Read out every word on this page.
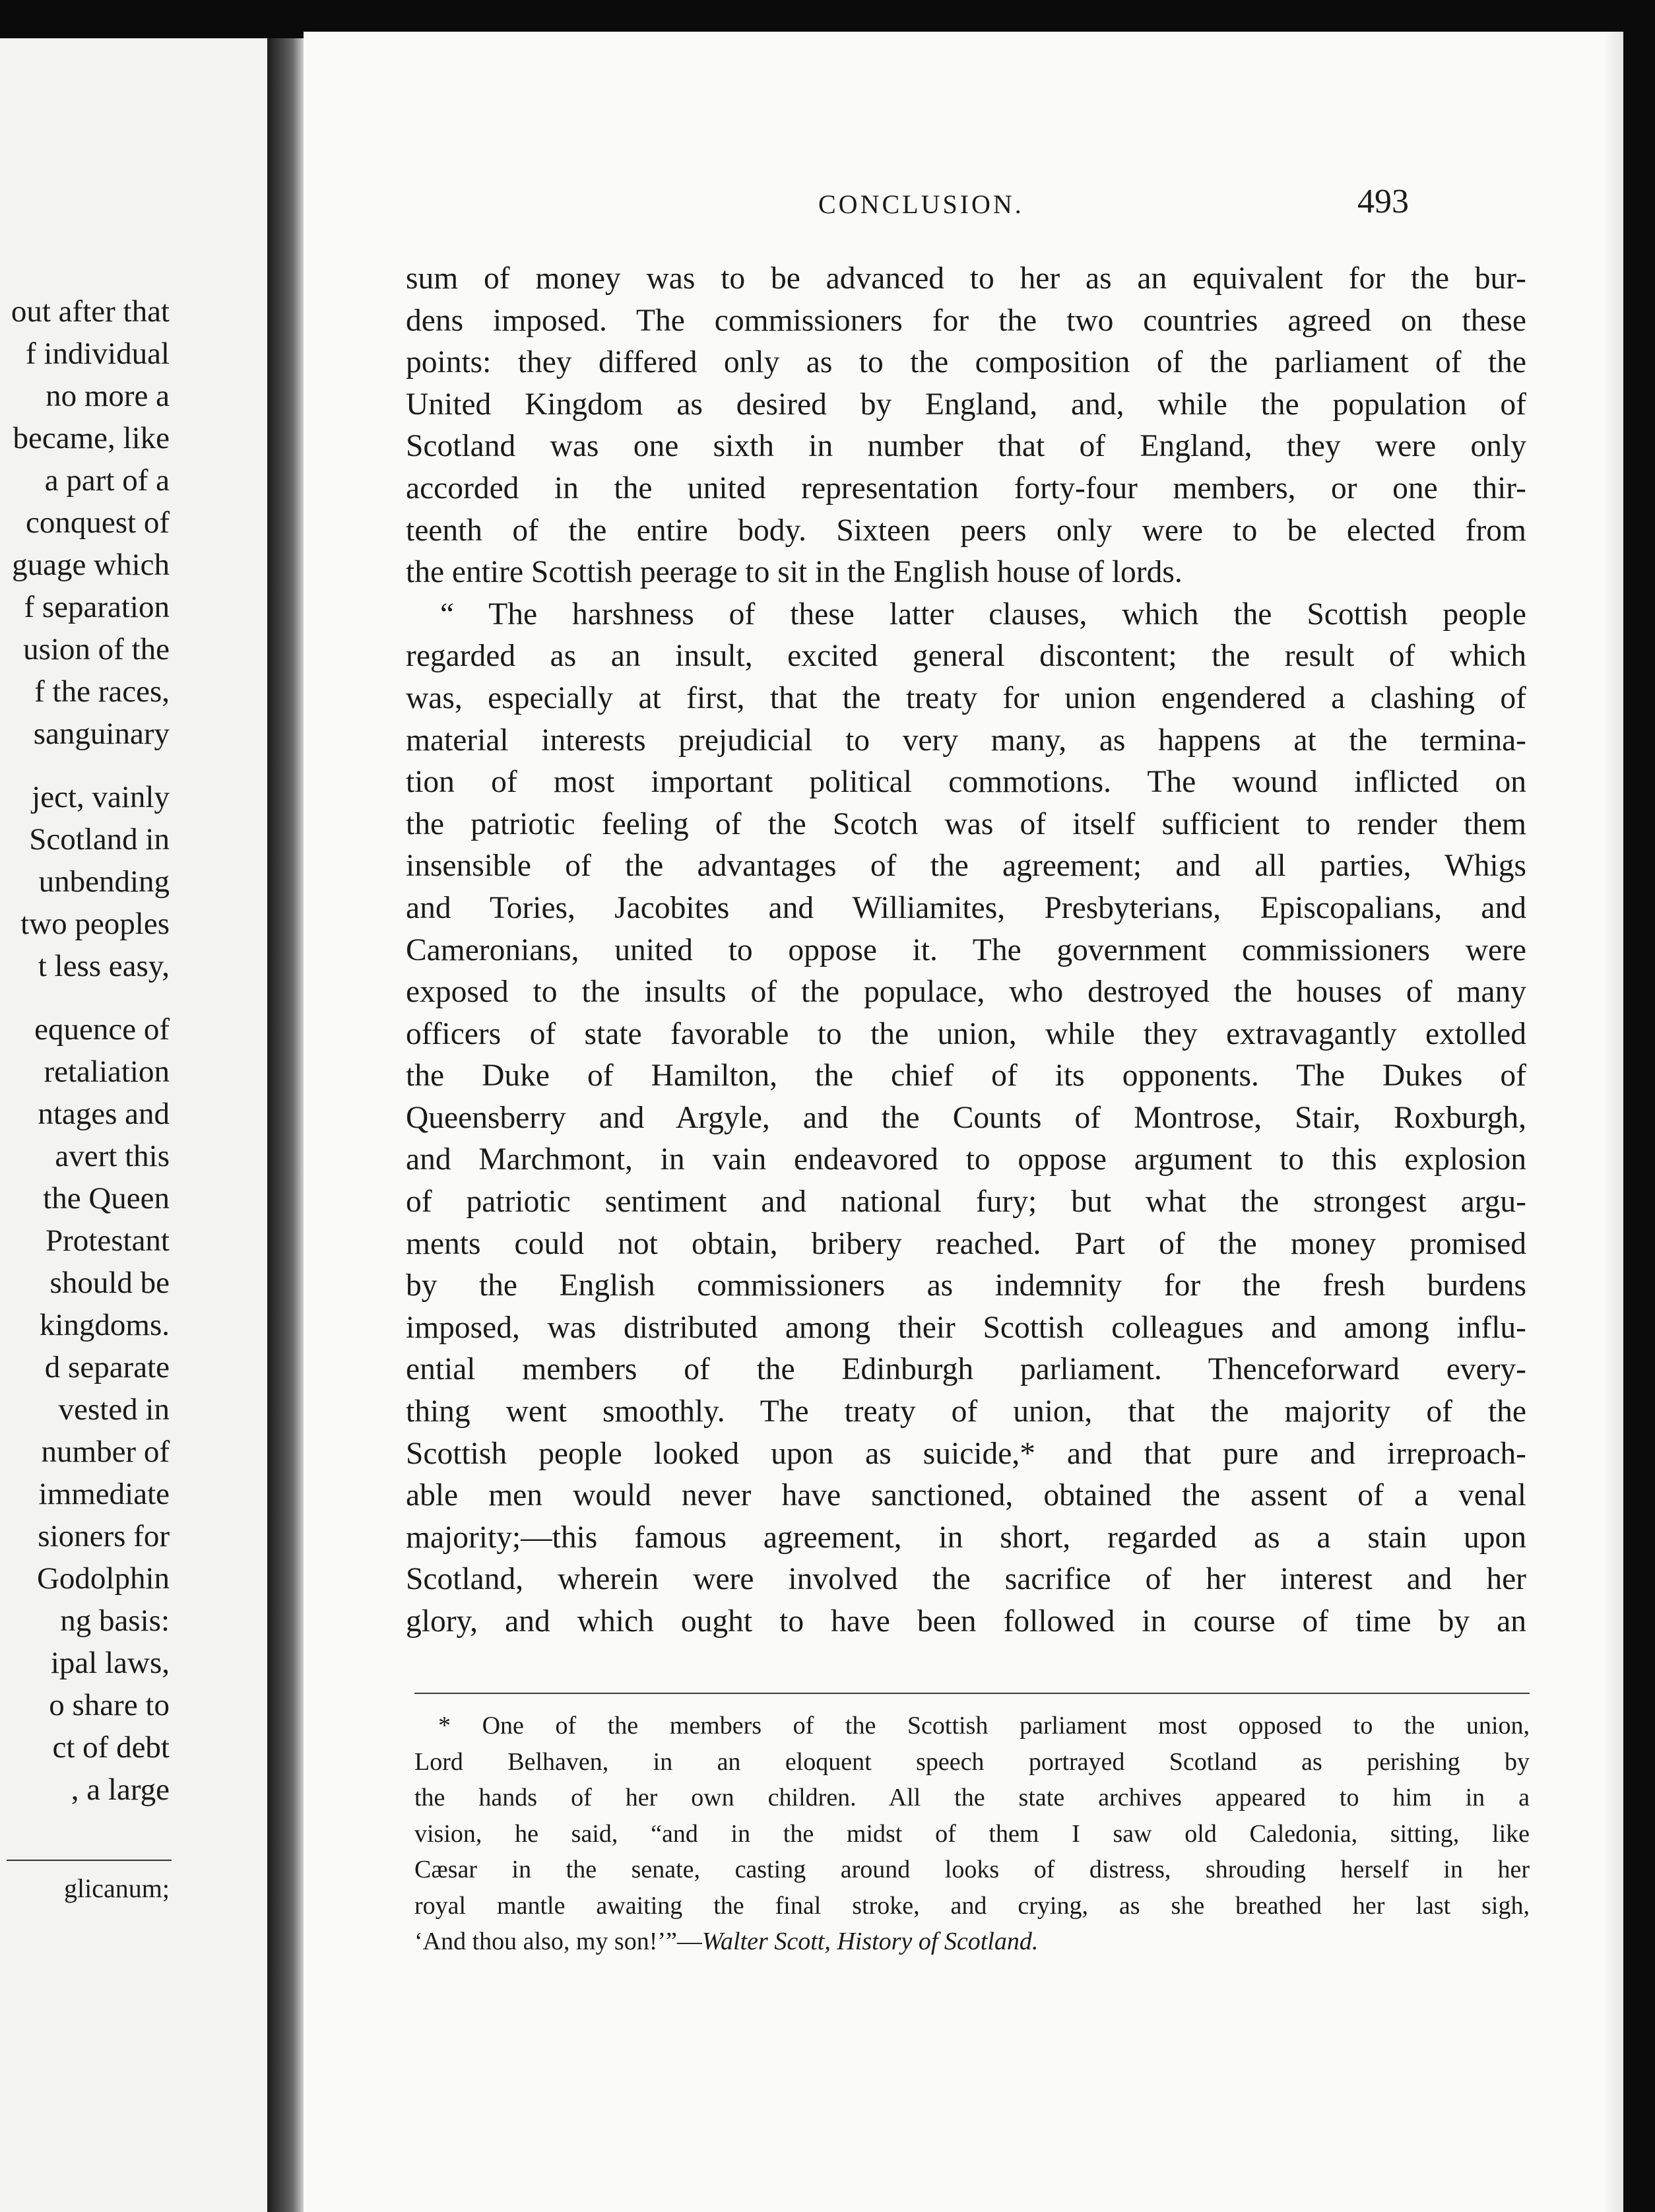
out after that
f individual
no more a
became, like
a part of a
conquest of
guage which
f separation
usion of the
f the races,
sanguinary
ject, vainly
Scotland in
unbending
two peoples
t less easy,
equence of
retaliation
ntages and
avert this
the Queen
Protestant
should be
kingdoms.
d separate
vested in
number of
immediate
sioners for
Godolphin
ng basis:
ipal laws,
o share to
ct of debt
, a large
glicanum;
CONCLUSION.	493
sum of money was to be advanced to her as an equivalent for the bur-
dens imposed. The commissioners for the two countries agreed on these
points: they differed only as to the composition of the parliament of the
United Kingdom as desired by England, and, while the population of
Scotland was one sixth in number that of England, they were only
accorded in the united representation forty-four members, or one thir-
teenth of the entire body. Sixteen peers only were to be elected from
the entire Scottish peerage to sit in the English house of lords.
“ The harshness of these latter clauses, which the Scottish people
regarded as an insult, excited general discontent; the result of which
was, especially at first, that the treaty for union engendered a clashing of
material interests prejudicial to very many, as happens at the termina-
tion of most important political commotions. The wound inflicted on
the patriotic feeling of the Scotch was of itself sufficient to render them
insensible of the advantages of the agreement; and all parties, Whigs
and Tories, Jacobites and Williamites, Presbyterians, Episcopalians, and
Cameronians, united to oppose it. The government commissioners were
exposed to the insults of the populace, who destroyed the houses of many
officers of state favorable to the union, while they extravagantly extolled
the Duke of Hamilton, the chief of its opponents. The Dukes of
Queensberry and Argyle, and the Counts of Montrose, Stair, Roxburgh,
and Marchmont, in vain endeavored to oppose argument to this explosion
of patriotic sentiment and national fury; but what the strongest argu-
ments could not obtain, bribery reached. Part of the money promised
by the English commissioners as indemnity for the fresh burdens
imposed, was distributed among their Scottish colleagues and among influ-
ential members of the Edinburgh parliament. Thenceforward every-
thing went smoothly. The treaty of union, that the majority of the
Scottish people looked upon as suicide,* and that pure and irreproach-
able men would never have sanctioned, obtained the assent of a venal
majority;—this famous agreement, in short, regarded as a stain upon
Scotland, wherein were involved the sacrifice of her interest and her
glory, and which ought to have been followed in course of time by an
* One of the members of the Scottish parliament most opposed to the union,
Lord Belhaven, in an eloquent speech portrayed Scotland as perishing by
the hands of her own children. All the state archives appeared to him in a
vision, he said, “and in the midst of them I saw old Caledonia, sitting, like
Cæsar in the senate, casting around looks of distress, shrouding herself in her
royal mantle awaiting the final stroke, and crying, as she breathed her last sigh,
‘And thou also, my son!’”—Walter Scott, History of Scotland.
